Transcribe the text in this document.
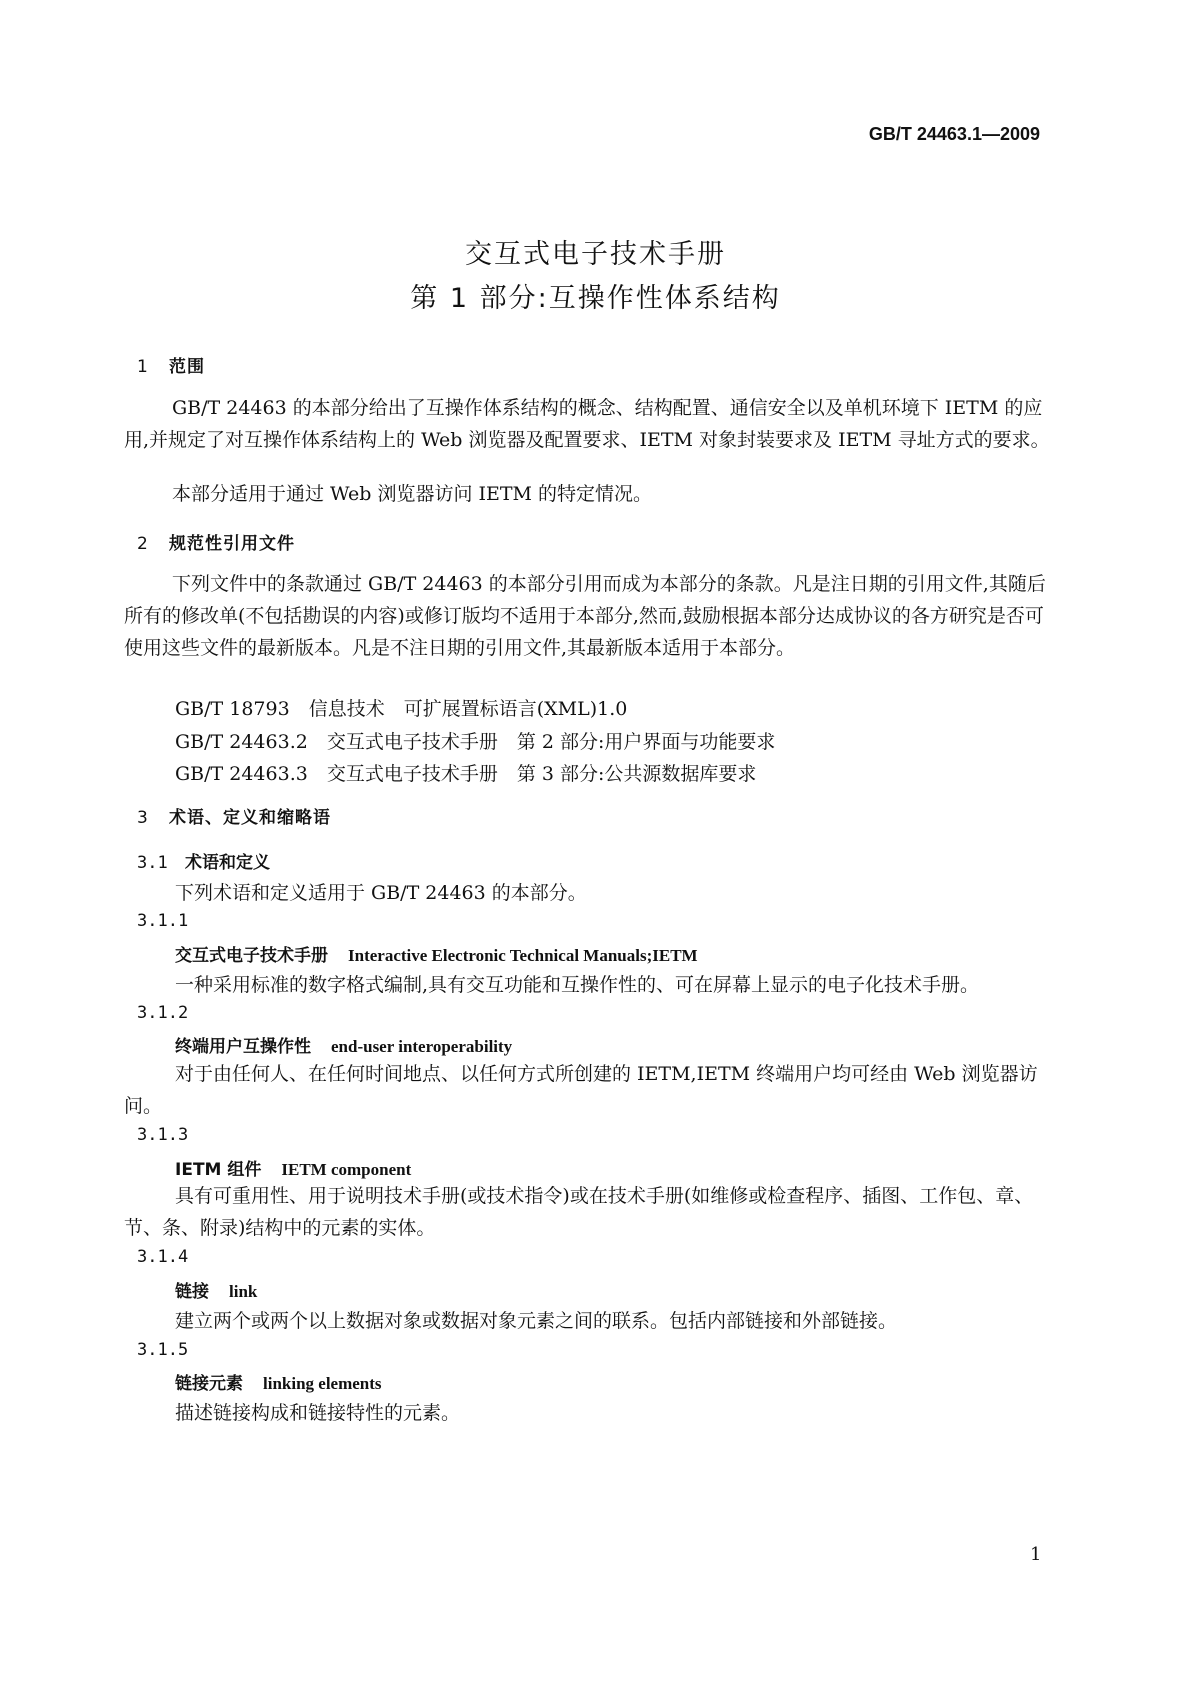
GB/T 24463.1—2009
交互式电子技术手册
第 1 部分:互操作性体系结构
1 范围
GB/T 24463 的本部分给出了互操作体系结构的概念、结构配置、通信安全以及单机环境下 IETM 的应用,并规定了对互操作体系结构上的 Web 浏览器及配置要求、IETM 对象封装要求及 IETM 寻址方式的要求。
本部分适用于通过 Web 浏览器访问 IETM 的特定情况。
2 规范性引用文件
下列文件中的条款通过 GB/T 24463 的本部分引用而成为本部分的条款。凡是注日期的引用文件,其随后所有的修改单(不包括勘误的内容)或修订版均不适用于本部分,然而,鼓励根据本部分达成协议的各方研究是否可使用这些文件的最新版本。凡是不注日期的引用文件,其最新版本适用于本部分。
GB/T 18793　信息技术　可扩展置标语言(XML)1.0
GB/T 24463.2　交互式电子技术手册　第 2 部分:用户界面与功能要求
GB/T 24463.3　交互式电子技术手册　第 3 部分:公共源数据库要求
3 术语、定义和缩略语
3.1 术语和定义
下列术语和定义适用于 GB/T 24463 的本部分。
3.1.1
交互式电子技术手册 Interactive Electronic Technical Manuals;IETM
一种采用标准的数字格式编制,具有交互功能和互操作性的、可在屏幕上显示的电子化技术手册。
3.1.2
终端用户互操作性 end-user interoperability
对于由任何人、在任何时间地点、以任何方式所创建的 IETM,IETM 终端用户均可经由 Web 浏览器访问。
3.1.3
IETM 组件 IETM component
具有可重用性、用于说明技术手册(或技术指令)或在技术手册(如维修或检查程序、插图、工作包、章、节、条、附录)结构中的元素的实体。
3.1.4
链接 link
建立两个或两个以上数据对象或数据对象元素之间的联系。包括内部链接和外部链接。
3.1.5
链接元素 linking elements
描述链接构成和链接特性的元素。
1
